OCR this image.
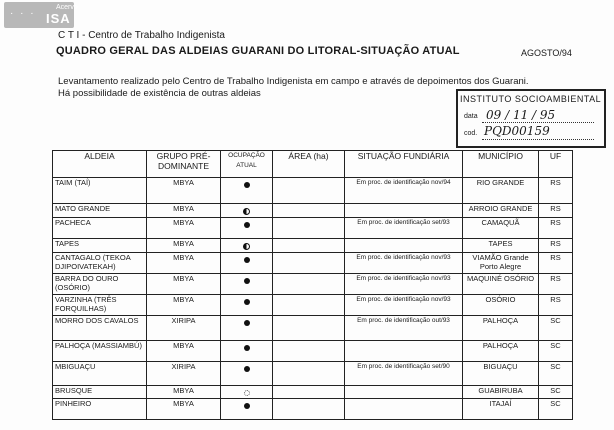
· · ·
Acervo
ISA
C T I - Centro de Trabalho Indigenista
QUADRO GERAL DAS ALDEIAS GUARANI DO LITORAL-SITUAÇÃO ATUAL	AGOSTO/94
Levantamento realizado pelo Centro de Trabalho Indigenista em campo e através de depoimentos dos Guarani.
Há possibilidade de existência de outras aldeias	INSTITUTO SOCIOAMBIENTAL
data 09 / 11 / 95
cod. PQD00159
ALDEIA	GRUPO PRÉ-DOMINANTE	OCUPAÇÃO ATUAL	ÁREA (ha)	SITUAÇÃO FUNDIÁRIA	MUNICÍPIO	UF
TAIM (TAÍ)	MBYA			Em proc. de identificação nov/94	RIO GRANDE	RS
MATO GRANDE	MBYA				ARROIO GRANDE	RS
PACHECA	MBYA			Em proc. de identificação set/93	CAMAQUÃ	RS
TAPES	MBYA				TAPES	RS
CANTAGALO (TEKOA DJIPOIVATEKAH)	MBYA			Em proc. de identificação nov/93	VIAMÃO Grande Porto Alegre	RS
BARRA DO OURO (OSÓRIO)	MBYA			Em proc. de identificação nov/93	MAQUINÉ OSÓRIO	RS
VARZINHA (TRÊS FORQUILHAS)	MBYA			Em proc. de identificação nov/93	OSÓRIO	RS
MORRO DOS CAVALOS	XIRIPA			Em proc. de identificação out/93	PALHOÇA	SC
PALHOÇA (MASSIAMBÚ)	MBYA				PALHOÇA	SC
MBIGUAÇU	XIRIPA			Em proc. de identificação set/90	BIGUAÇU	SC
BRUSQUE	MBYA				GUABIRUBA	SC
PINHEIRO	MBYA				ITAJAÍ	SC
